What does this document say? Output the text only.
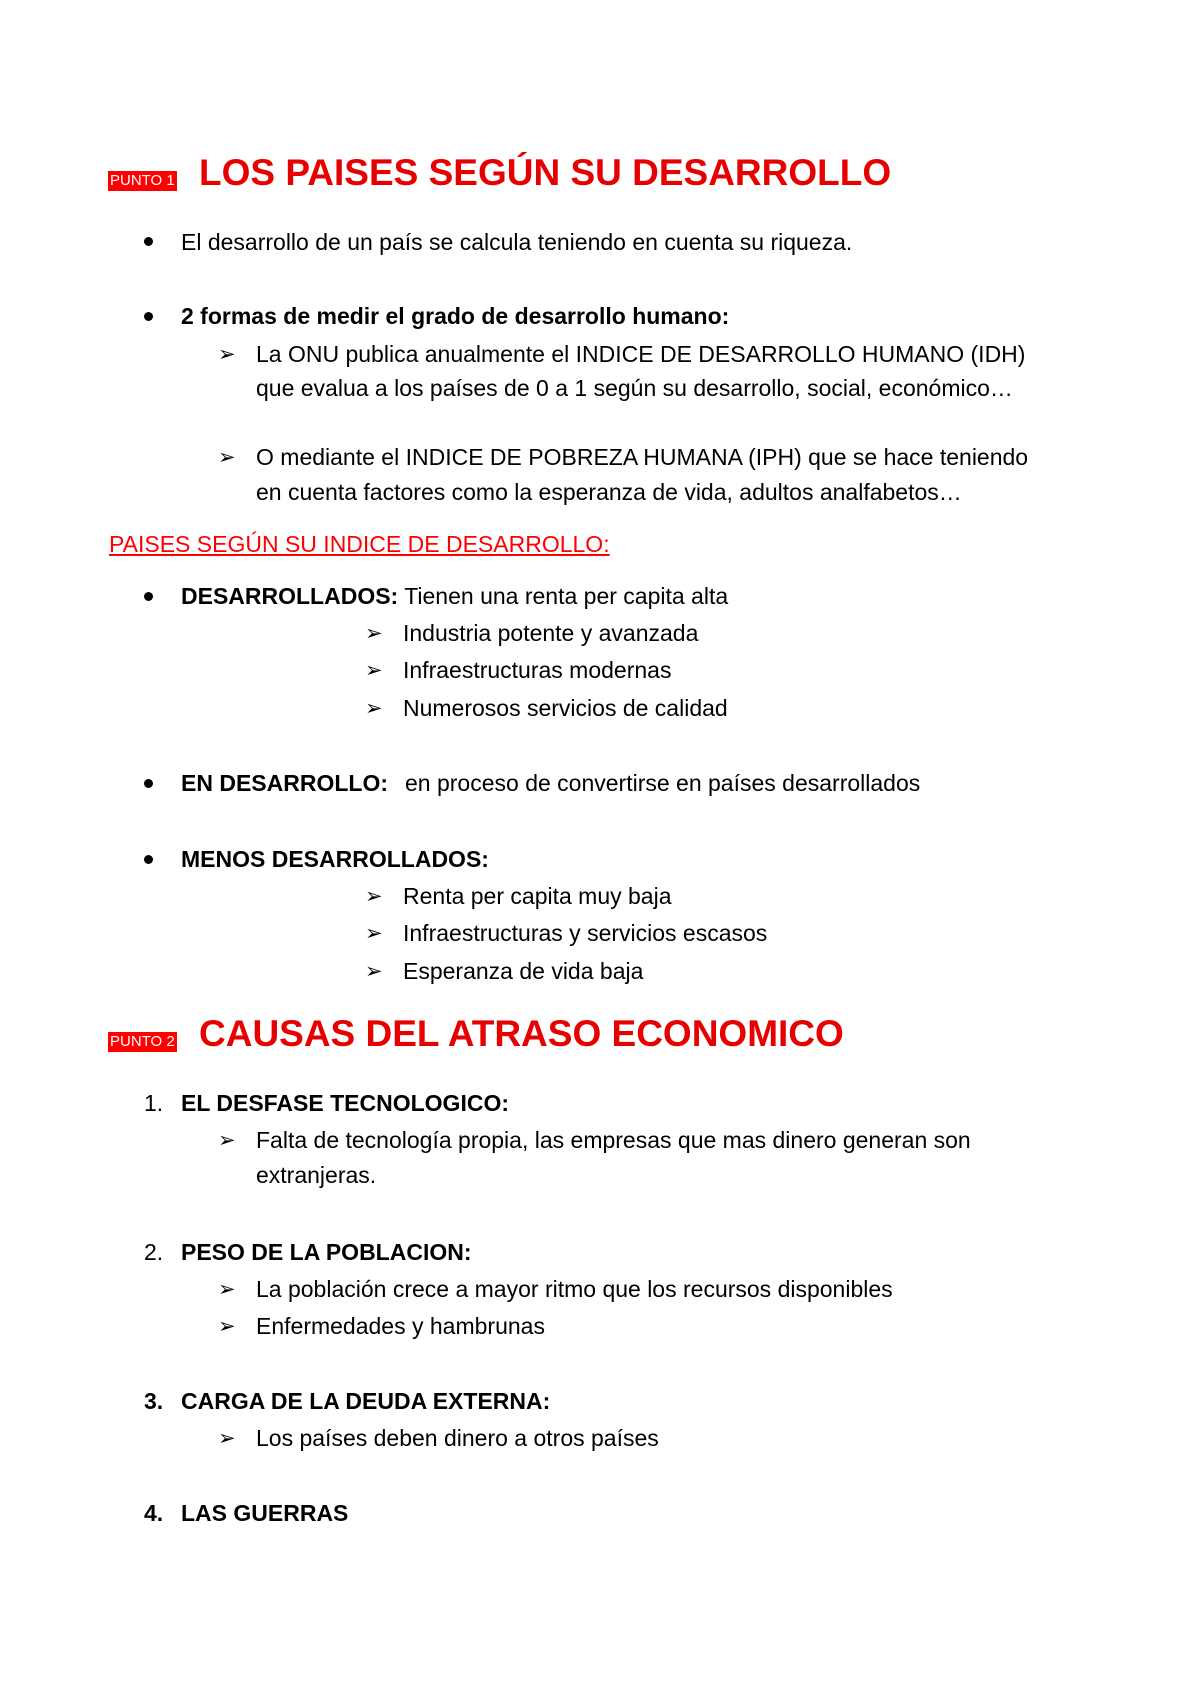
PUNTO 1 LOS PAISES SEGÚN SU DESARROLLO
El desarrollo de un país se calcula teniendo en cuenta su riqueza.
2 formas de medir el grado de desarrollo humano:
➢ La ONU publica anualmente el INDICE DE DESARROLLO HUMANO (IDH)
que evalua a los países de 0 a 1 según su desarrollo, social, económico…
➢ O mediante el INDICE DE POBREZA HUMANA (IPH) que se hace teniendo
en cuenta factores como la esperanza de vida, adultos analfabetos…
PAISES SEGÚN SU INDICE DE DESARROLLO:
DESARROLLADOS: Tienen una renta per capita alta
➢ Industria potente y avanzada
➢ Infraestructuras modernas
➢ Numerosos servicios de calidad
EN DESARROLLO: en proceso de convertirse en países desarrollados
MENOS DESARROLLADOS:
➢ Renta per capita muy baja
➢ Infraestructuras y servicios escasos
➢ Esperanza de vida baja
PUNTO 2 CAUSAS DEL ATRASO ECONOMICO
1. EL DESFASE TECNOLOGICO:
➢ Falta de tecnología propia, las empresas que mas dinero generan son
extranjeras.
2. PESO DE LA POBLACION:
➢ La población crece a mayor ritmo que los recursos disponibles
➢ Enfermedades y hambrunas
3. CARGA DE LA DEUDA EXTERNA:
➢ Los países deben dinero a otros países
4. LAS GUERRAS
